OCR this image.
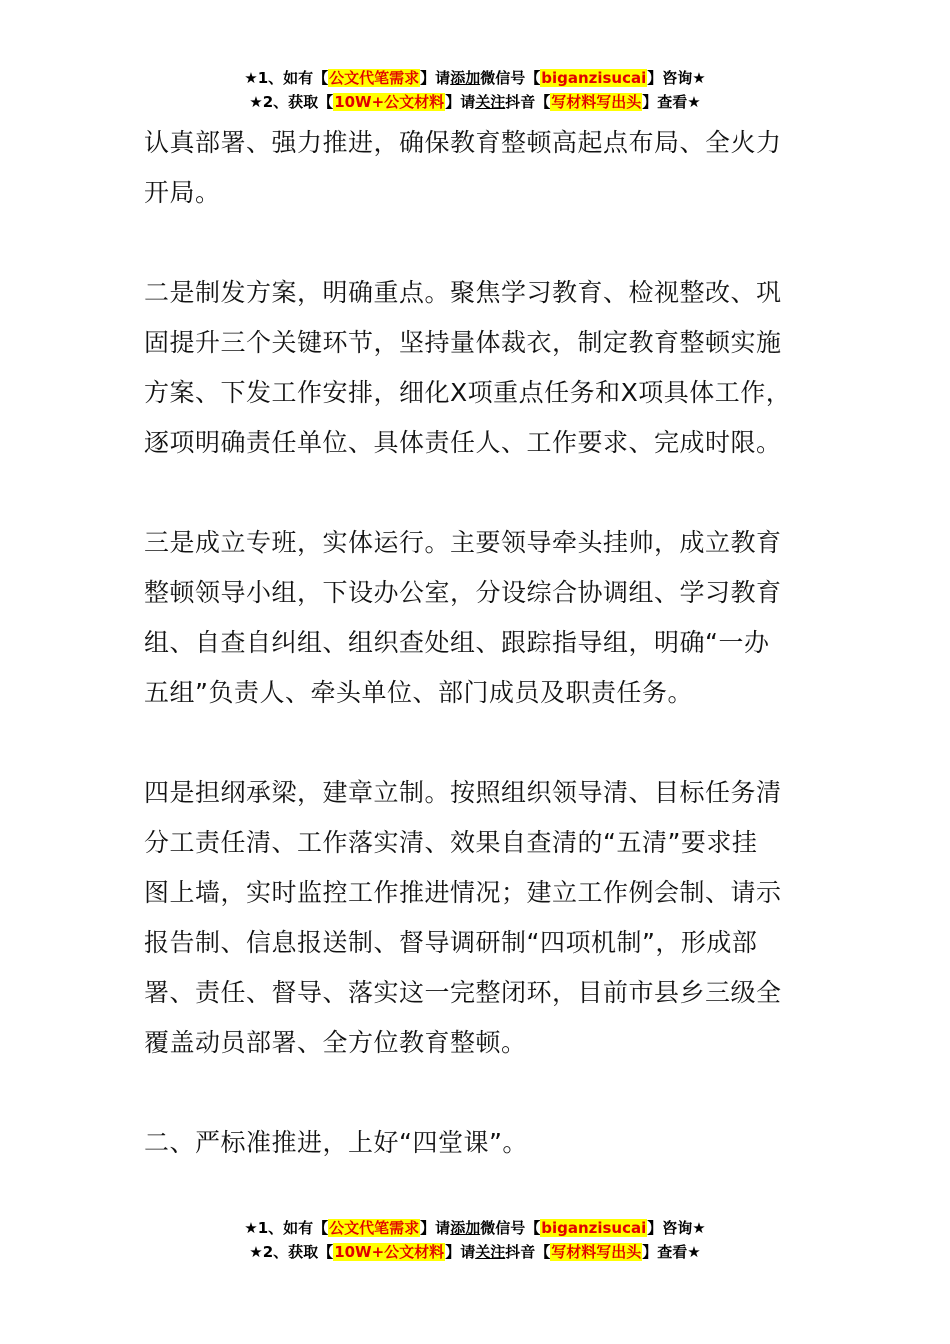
★1、如有【公文代笔需求】请添加微信号【biganzisucai】咨询★
★2、获取【10W+公文材料】请关注抖音【写材料写出头】查看★

认真部署、强力推进，确保教育整顿高起点布局、全火力
开局。

二是制发方案，明确重点。聚焦学习教育、检视整改、巩
固提升三个关键环节，坚持量体裁衣，制定教育整顿实施
方案、下发工作安排，细化X项重点任务和X项具体工作，
逐项明确责任单位、具体责任人、工作要求、完成时限。

三是成立专班，实体运行。主要领导牵头挂帅，成立教育
整顿领导小组，下设办公室，分设综合协调组、学习教育
组、自查自纠组、组织查处组、跟踪指导组，明确“一办
五组”负责人、牵头单位、部门成员及职责任务。

四是担纲承梁，建章立制。按照组织领导清、目标任务清
分工责任清、工作落实清、效果自查清的“五清”要求挂
图上墙，实时监控工作推进情况；建立工作例会制、请示
报告制、信息报送制、督导调研制“四项机制”，形成部
署、责任、督导、落实这一完整闭环，目前市县乡三级全
覆盖动员部署、全方位教育整顿。

二、严标准推进，上好“四堂课”。

★1、如有【公文代笔需求】请添加微信号【biganzisucai】咨询★
★2、获取【10W+公文材料】请关注抖音【写材料写出头】查看★
